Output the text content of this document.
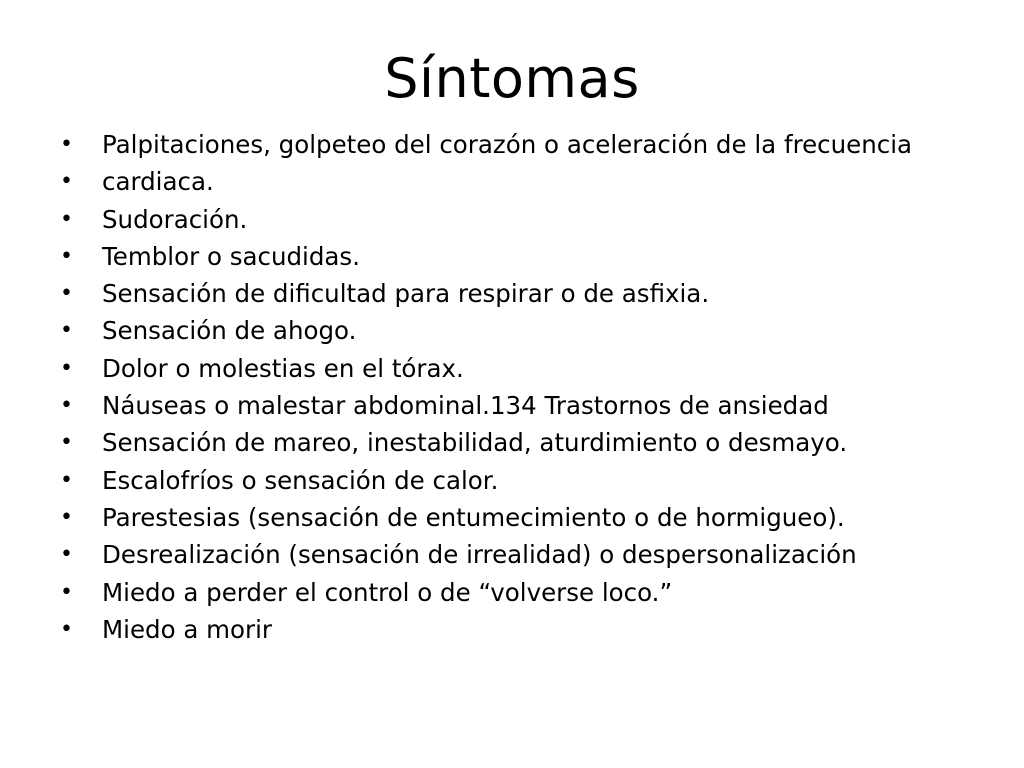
Síntomas
• Palpitaciones, golpeteo del corazón o aceleración de la frecuencia
• cardiaca.
• Sudoración.
• Temblor o sacudidas.
• Sensación de dificultad para respirar o de asfixia.
• Sensación de ahogo.
• Dolor o molestias en el tórax.
• Náuseas o malestar abdominal.134 Trastornos de ansiedad
• Sensación de mareo, inestabilidad, aturdimiento o desmayo.
• Escalofríos o sensación de calor.
• Parestesias (sensación de entumecimiento o de hormigueo).
• Desrealización (sensación de irrealidad) o despersonalización
• Miedo a perder el control o de “volverse loco.”
• Miedo a morir
